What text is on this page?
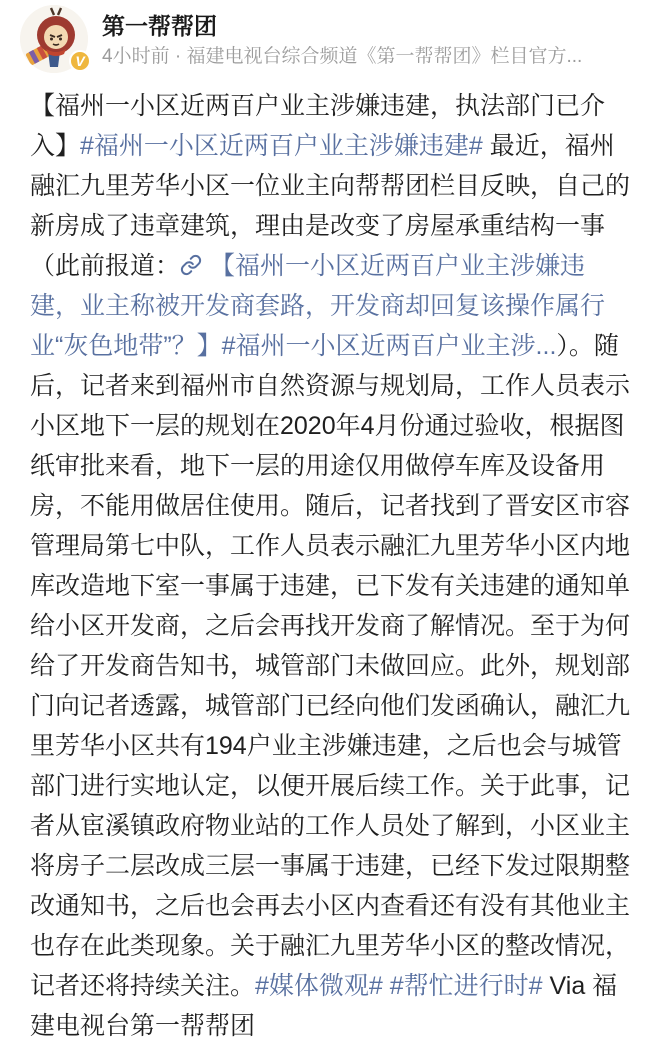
V
第一帮帮团
4小时前 · 福建电视台综合频道《第一帮帮团》栏目官方...
【福州一小区近两百户业主涉嫌违建，执法部门已介入】#福州一小区近两百户业主涉嫌违建# 最近，福州融汇九里芳华小区一位业主向帮帮团栏目反映，自己的新房成了违章建筑，理由是改变了房屋承重结构一事（此前报道： 【福州一小区近两百户业主涉嫌违建，业主称被开发商套路，开发商却回复该操作属行业“灰色地带”？】#福州一小区近两百户业主涉...）。随后，记者来到福州市自然资源与规划局，工作人员表示小区地下一层的规划在2020年4月份通过验收，根据图纸审批来看，地下一层的用途仅用做停车库及设备用房，不能用做居住使用。随后，记者找到了晋安区市容管理局第七中队，工作人员表示融汇九里芳华小区内地库改造地下室一事属于违建，已下发有关违建的通知单给小区开发商，之后会再找开发商了解情况。至于为何给了开发商告知书，城管部门未做回应。此外，规划部门向记者透露，城管部门已经向他们发函确认，融汇九里芳华小区共有194户业主涉嫌违建，之后也会与城管部门进行实地认定，以便开展后续工作。关于此事，记者从宦溪镇政府物业站的工作人员处了解到，小区业主将房子二层改成三层一事属于违建，已经下发过限期整改通知书，之后也会再去小区内查看还有没有其他业主也存在此类现象。关于融汇九里芳华小区的整改情况，记者还将持续关注。#媒体微观# #帮忙进行时# Via 福建电视台第一帮帮团
